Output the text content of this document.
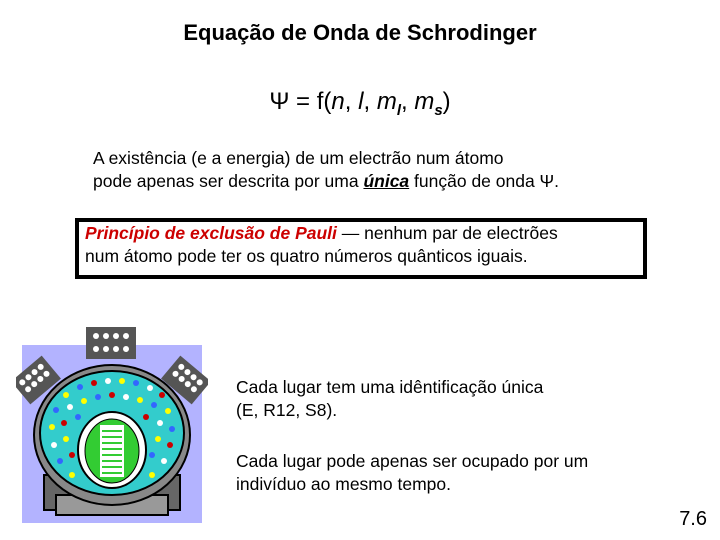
Equação de Onda de Schrodinger
Ψ = f(n, l, $m_l$, $m_s$)
A existência (e a energia) de um electrão num átomo
pode apenas ser descrita por uma única função de onda Ψ.
Princípio de exclusão de Pauli — nenhum par de electrões
num átomo pode ter os quatro números quânticos iguais.
Cada lugar tem uma idêntificação única
(E, R12, S8).
Cada lugar pode apenas ser ocupado por um
indivíduo ao mesmo tempo.
7.6
